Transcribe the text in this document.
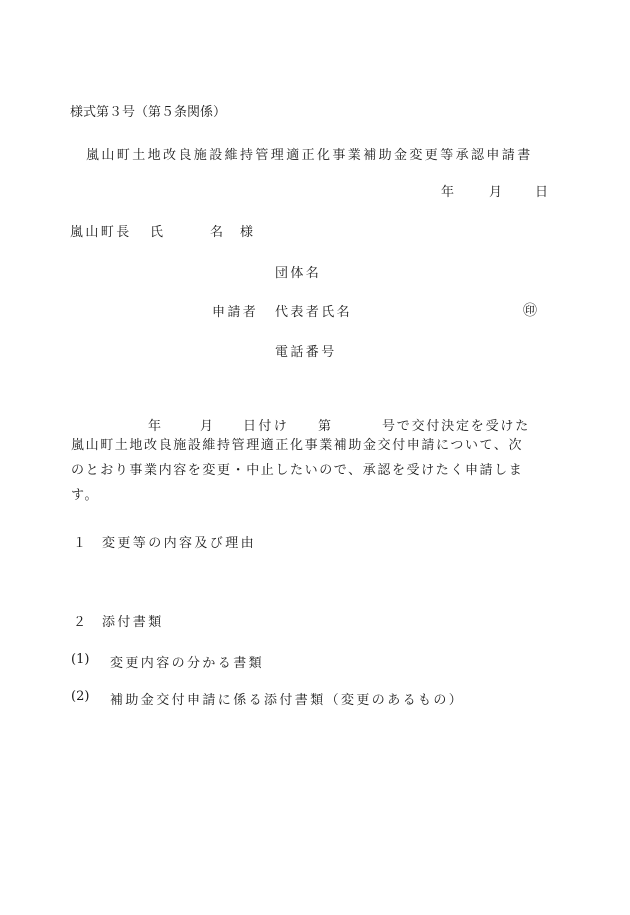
様式第３号（第５条関係）
嵐山町土地改良施設維持管理適正化事業補助金変更等承認申請書
年	月	日
嵐山町長 氏	名 様
団体名
申請者 代表者氏名	㊞
電話番号
年	月 日付け 第	号で交付決定を受けた
嵐山町土地改良施設維持管理適正化事業補助金交付申請について、次
のとおり事業内容を変更・中止したいので、承認を受けたく申請しま
す。
１ 変更等の内容及び理由
２ 添付書類
(1) 変更内容の分かる書類
(2) 補助金交付申請に係る添付書類（変更のあるもの）
